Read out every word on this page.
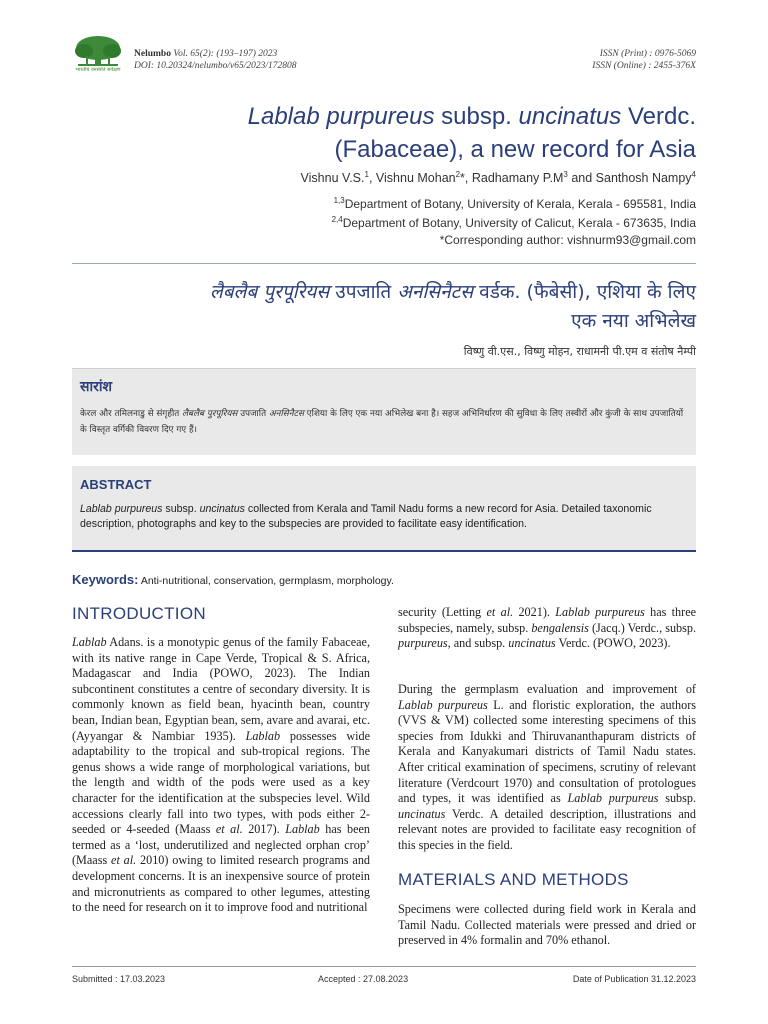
भारतीय वनस्पति सर्वेक्षण
Nelumbo Vol. 65(2): (193–197) 2023
DOI: 10.20324/nelumbo/v65/2023/172808
ISSN (Print) : 0976-5069
ISSN (Online) : 2455-376X
Lablab purpureus subsp. uncinatus Verdc.
(Fabaceae), a new record for Asia
Vishnu V.S.$^1$, Vishnu Mohan$^2$*, Radhamany $P.M^3$ and Santhosh Nampy$^4$
$^{1,3}$Department of Botany, University of Kerala, Kerala - 695581, India
$^{2,4}$Department of Botany, University of Calicut, Kerala - 673635, India
*Corresponding author: vishnurm93@gmail.com
लैबलैब पुरपूरियस उपजाति अनसिनैटस वर्डक. (फैबेसी), एशिया के लिए
एक नया अभिलेख
विष्णु वी.एस., विष्णु मोहन, राधामनी पी.एम व संतोष नैम्पी
सारांश
केरल और तमिलनाडु से संगृहीत लैबलैब पुरपूरियस उपजाति अनसिनैटस एशिया के लिए एक नया अभिलेख बना है। सहज अभिनिर्धारण की सुविधा के लिए तस्वीरों और कुंजी के साथ उपजातियों के विस्तृत वर्गिकी विवरण दिए गए हैं।
ABSTRACT
Lablab purpureus subsp. uncinatus collected from Kerala and Tamil Nadu forms a new record for Asia. Detailed taxonomic description, photographs and key to the subspecies are provided to facilitate easy identification.
Keywords: Anti-nutritional, conservation, germplasm, morphology.
INTRODUCTION
Lablab Adans. is a monotypic genus of the family Fabaceae, with its native range in Cape Verde, Tropical & S. Africa, Madagascar and India (POWO, 2023). The Indian subcontinent constitutes a centre of secondary diversity. It is commonly known as field bean, hyacinth bean, country bean, Indian bean, Egyptian bean, sem, avare and avarai, etc. (Ayyangar & Nambiar 1935). Lablab possesses wide adaptability to the tropical and sub-tropical regions. The genus shows a wide range of morphological variations, but the length and width of the pods were used as a key character for the identification at the subspecies level. Wild accessions clearly fall into two types, with pods either 2-seeded or 4-seeded (Maass et al. 2017). Lablab has been termed as a ‘lost, underutilized and neglected orphan crop’ (Maass et al. 2010) owing to limited research programs and development concerns. It is an inexpensive source of protein and micronutrients as compared to other legumes, attesting to the need for research on it to improve food and nutritional
security (Letting et al. 2021). Lablab purpureus has three subspecies, namely, subsp. bengalensis (Jacq.) Verdc., subsp. purpureus, and subsp. uncinatus Verdc. (POWO, 2023).
During the germplasm evaluation and improvement of Lablab purpureus L. and floristic exploration, the authors (VVS & VM) collected some interesting specimens of this species from Idukki and Thiruvananthapuram districts of Kerala and Kanyakumari districts of Tamil Nadu states. After critical examination of specimens, scrutiny of relevant literature (Verdcourt 1970) and consultation of protologues and types, it was identified as Lablab purpureus subsp. uncinatus Verdc. A detailed description, illustrations and relevant notes are provided to facilitate easy recognition of this species in the field.
MATERIALS AND METHODS
Specimens were collected during field work in Kerala and Tamil Nadu. Collected materials were pressed and dried or preserved in 4% formalin and 70% ethanol.
Submitted : 17.03.2023	Accepted : 27.08.2023	Date of Publication 31.12.2023
